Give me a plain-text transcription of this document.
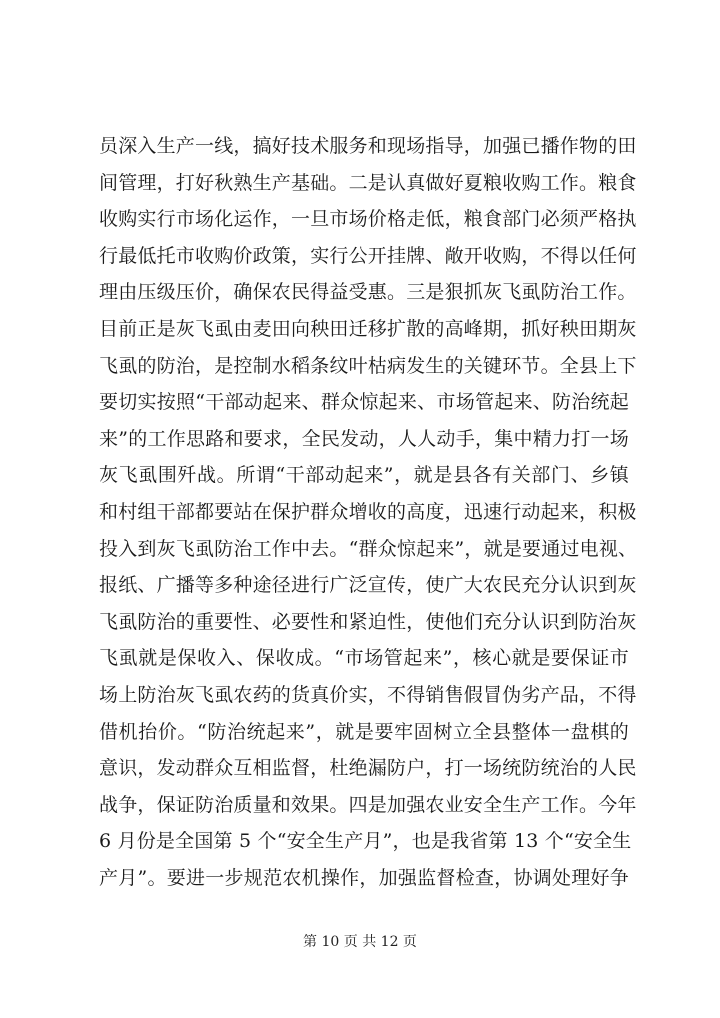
员深入生产一线，搞好技术服务和现场指导，加强已播作物的田
间管理，打好秋熟生产基础。二是认真做好夏粮收购工作。粮食
收购实行市场化运作，一旦市场价格走低，粮食部门必须严格执
行最低托市收购价政策，实行公开挂牌、敞开收购，不得以任何
理由压级压价，确保农民得益受惠。三是狠抓灰飞虱防治工作。
目前正是灰飞虱由麦田向秧田迁移扩散的高峰期，抓好秧田期灰
飞虱的防治，是控制水稻条纹叶枯病发生的关键环节。全县上下
要切实按照“干部动起来、群众惊起来、市场管起来、防治统起
来”的工作思路和要求，全民发动，人人动手，集中精力打一场
灰飞虱围歼战。所谓“干部动起来”，就是县各有关部门、乡镇
和村组干部都要站在保护群众增收的高度，迅速行动起来，积极
投入到灰飞虱防治工作中去。“群众惊起来”，就是要通过电视、
报纸、广播等多种途径进行广泛宣传，使广大农民充分认识到灰
飞虱防治的重要性、必要性和紧迫性，使他们充分认识到防治灰
飞虱就是保收入、保收成。“市场管起来”，核心就是要保证市
场上防治灰飞虱农药的货真价实，不得销售假冒伪劣产品，不得
借机抬价。“防治统起来”，就是要牢固树立全县整体一盘棋的
意识，发动群众互相监督，杜绝漏防户，打一场统防统治的人民
战争，保证防治质量和效果。四是加强农业安全生产工作。今年
6 月份是全国第 5 个“安全生产月”，也是我省第 13 个“安全生
产月”。要进一步规范农机操作，加强监督检查，协调处理好争
第 10 页 共 12 页
